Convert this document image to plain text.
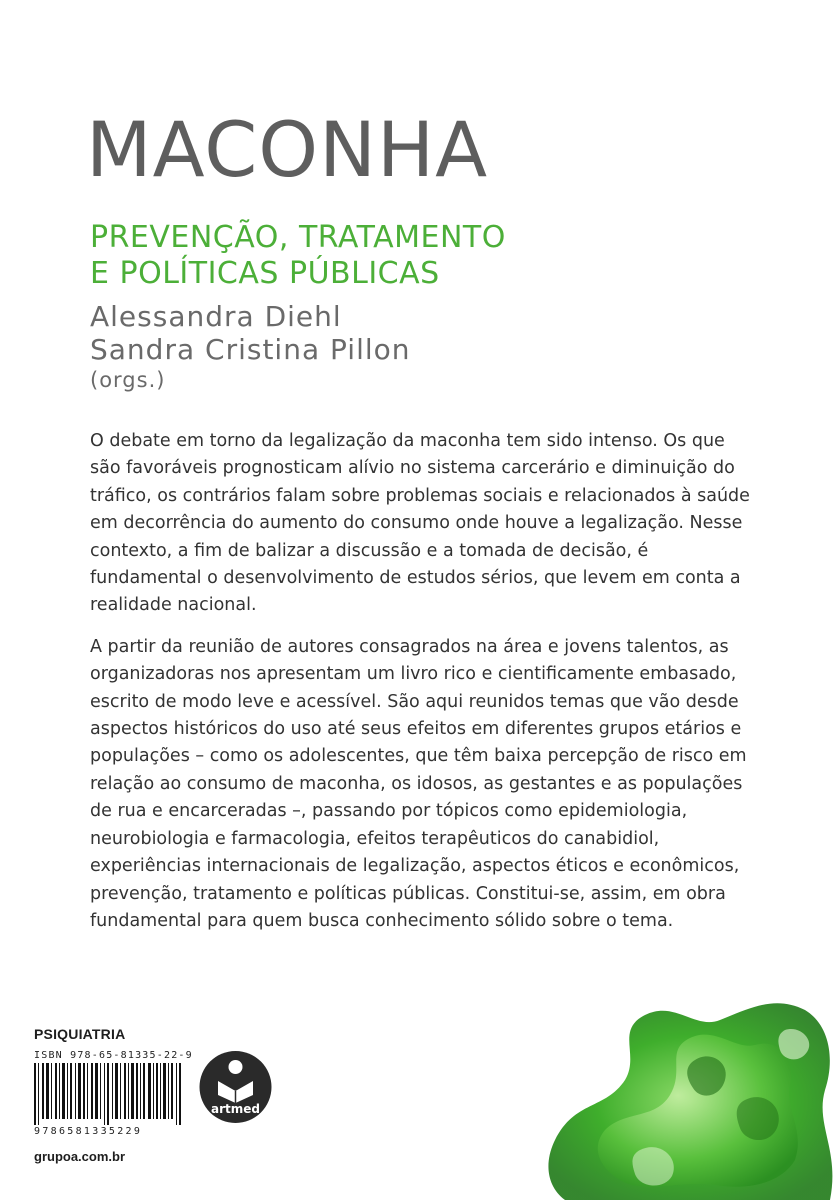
MACONHA
PREVENÇÃO, TRATAMENTO
E POLÍTICAS PÚBLICAS
Alessandra Diehl
Sandra Cristina Pillon
(orgs.)

O debate em torno da legalização da maconha tem sido intenso. Os que são favoráveis prognosticam alívio no sistema carcerário e diminuição do tráfico, os contrários falam sobre problemas sociais e relacionados à saúde em decorrência do aumento do consumo onde houve a legalização. Nesse contexto, a fim de balizar a discussão e a tomada de decisão, é fundamental o desenvolvimento de estudos sérios, que levem em conta a realidade nacional.

A partir da reunião de autores consagrados na área e jovens talentos, as organizadoras nos apresentam um livro rico e cientificamente embasado, escrito de modo leve e acessível. São aqui reunidos temas que vão desde aspectos históricos do uso até seus efeitos em diferentes grupos etários e populações – como os adolescentes, que têm baixa percepção de risco em relação ao consumo de maconha, os idosos, as gestantes e as populações de rua e encarceradas –, passando por tópicos como epidemiologia, neurobiologia e farmacologia, efeitos terapêuticos do canabidiol, experiências internacionais de legalização, aspectos éticos e econômicos, prevenção, tratamento e políticas públicas. Constitui-se, assim, em obra fundamental para quem busca conhecimento sólido sobre o tema.

PSIQUIATRIA
ISBN 978-65-81335-22-9
9786581335229
grupoa.com.br
artmed
